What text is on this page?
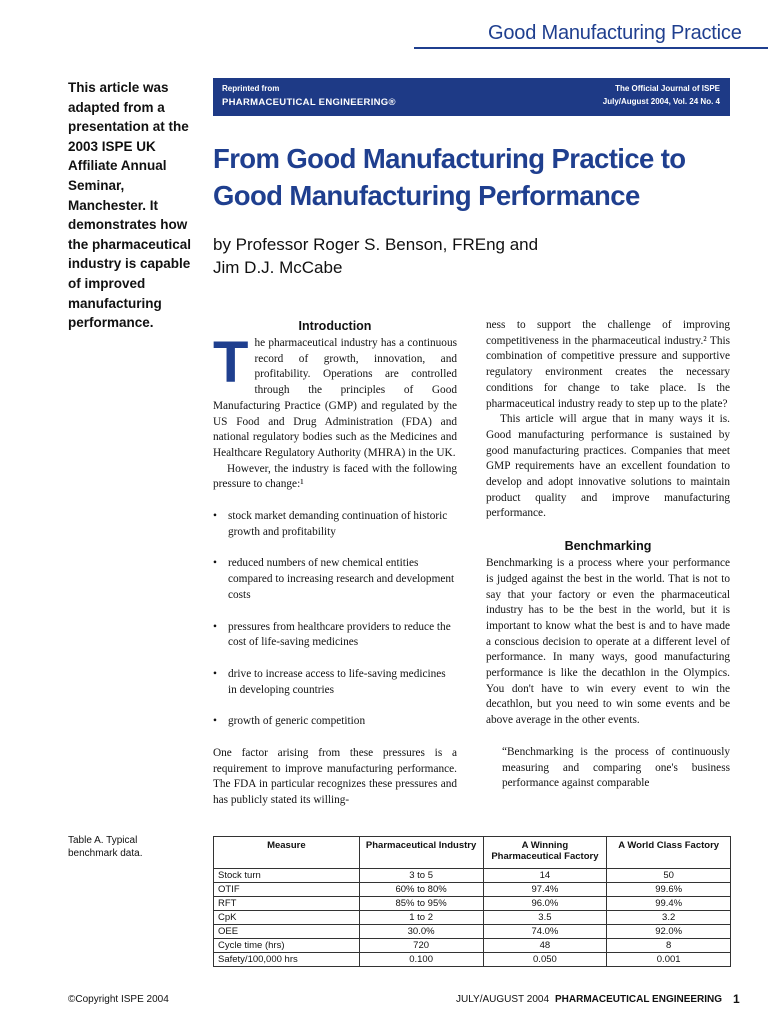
Good Manufacturing Practice
This article was adapted from a presentation at the 2003 ISPE UK Affiliate Annual Seminar, Manchester. It demonstrates how the pharmaceutical industry is capable of improved manufacturing performance.
Reprinted from
PHARMACEUTICAL ENGINEERING®
The Official Journal of ISPE
July/August 2004, Vol. 24 No. 4
From Good Manufacturing Practice to Good Manufacturing Performance
by Professor Roger S. Benson, FREng and
Jim D.J. McCabe
Introduction
T he pharmaceutical industry has a continuous record of growth, innovation, and profitability. Operations are controlled through the principles of Good Manufacturing Practice (GMP) and regulated by the US Food and Drug Administration (FDA) and national regulatory bodies such as the Medicines and Healthcare Regulatory Authority (MHRA) in the UK.

However, the industry is faced with the following pressure to change:¹

• stock market demanding continuation of historic growth and profitability
• reduced numbers of new chemical entities compared to increasing research and development costs
• pressures from healthcare providers to reduce the cost of life-saving medicines
• drive to increase access to life-saving medicines in developing countries
• growth of generic competition

One factor arising from these pressures is a requirement to improve manufacturing performance. The FDA in particular recognizes these pressures and has publicly stated its willing-

ness to support the challenge of improving competitiveness in the pharmaceutical industry.² This combination of competitive pressure and supportive regulatory environment creates the necessary conditions for change to take place. Is the pharmaceutical industry ready to step up to the plate?

This article will argue that in many ways it is. Good manufacturing performance is sustained by good manufacturing practices. Companies that meet GMP requirements have an excellent foundation to develop and adopt innovative solutions to maintain product quality and improve manufacturing performance.

Benchmarking

Benchmarking is a process where your performance is judged against the best in the world. That is not to say that your factory or even the pharmaceutical industry has to be the best in the world, but it is important to know what the best is and to have made a conscious decision to operate at a different level of performance. In many ways, good manufacturing performance is like the decathlon in the Olympics. You don't have to win every event to win the decathlon, but you need to win some events and be above average in the other events.

“Benchmarking is the process of continuously measuring and comparing one's business performance against comparable

Table A. Typical benchmark data.
Measure	Pharmaceutical Industry	A Winning Pharmaceutical Factory	A World Class Factory
Stock turn	3 to 5	14	50
OTIF	60% to 80%	97.4%	99.6%
RFT	85% to 95%	96.0%	99.4%
CpK	1 to 2	3.5	3.2
OEE	30.0%	74.0%	92.0%
Cycle time (hrs)	720	48	8
Safety/100,000 hrs	0.100	0.050	0.001
©Copyright ISPE 2004	JULY/AUGUST 2004 PHARMACEUTICAL ENGINEERING 1
